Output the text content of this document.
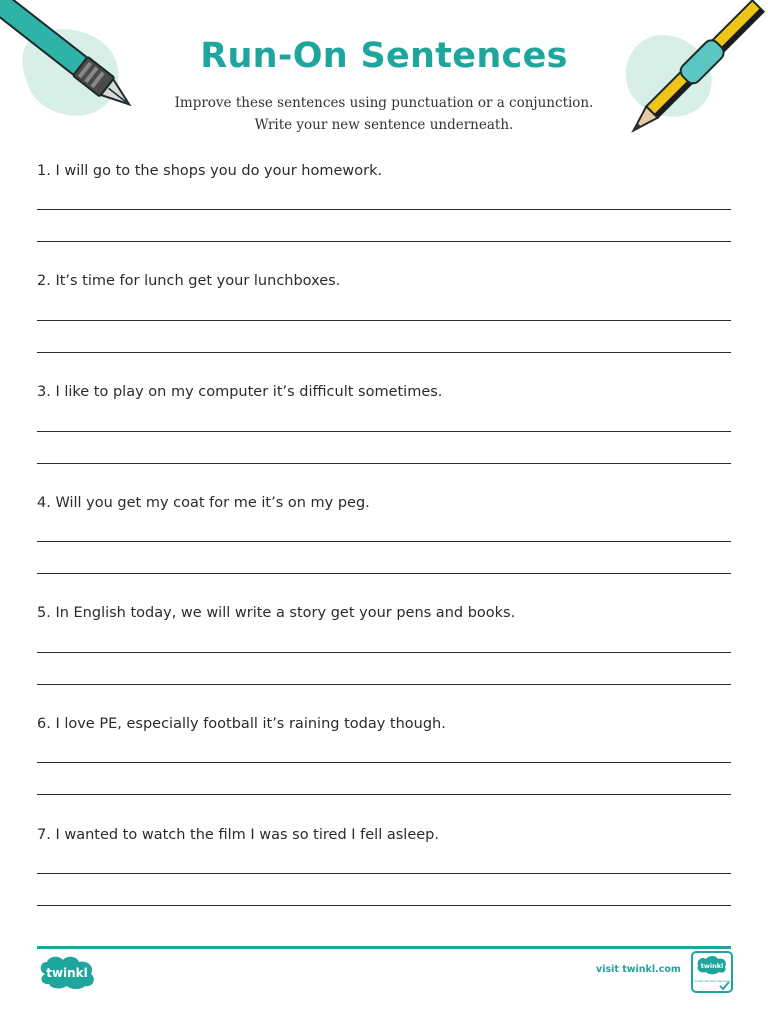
Run-On Sentences
Improve these sentences using punctuation or a conjunction.
Write your new sentence underneath.
1. I will go to the shops you do your homework.
2. It’s time for lunch get your lunchboxes.
3. I like to play on my computer it’s difficult sometimes.
4. Will you get my coat for me it’s on my peg.
5. In English today, we will write a story get your pens and books.
6. I love PE, especially football it’s raining today though.
7. I wanted to watch the film I was so tired I fell asleep.
twinkl	visit twinkl.com	twinkl
Quality Standard Approved
